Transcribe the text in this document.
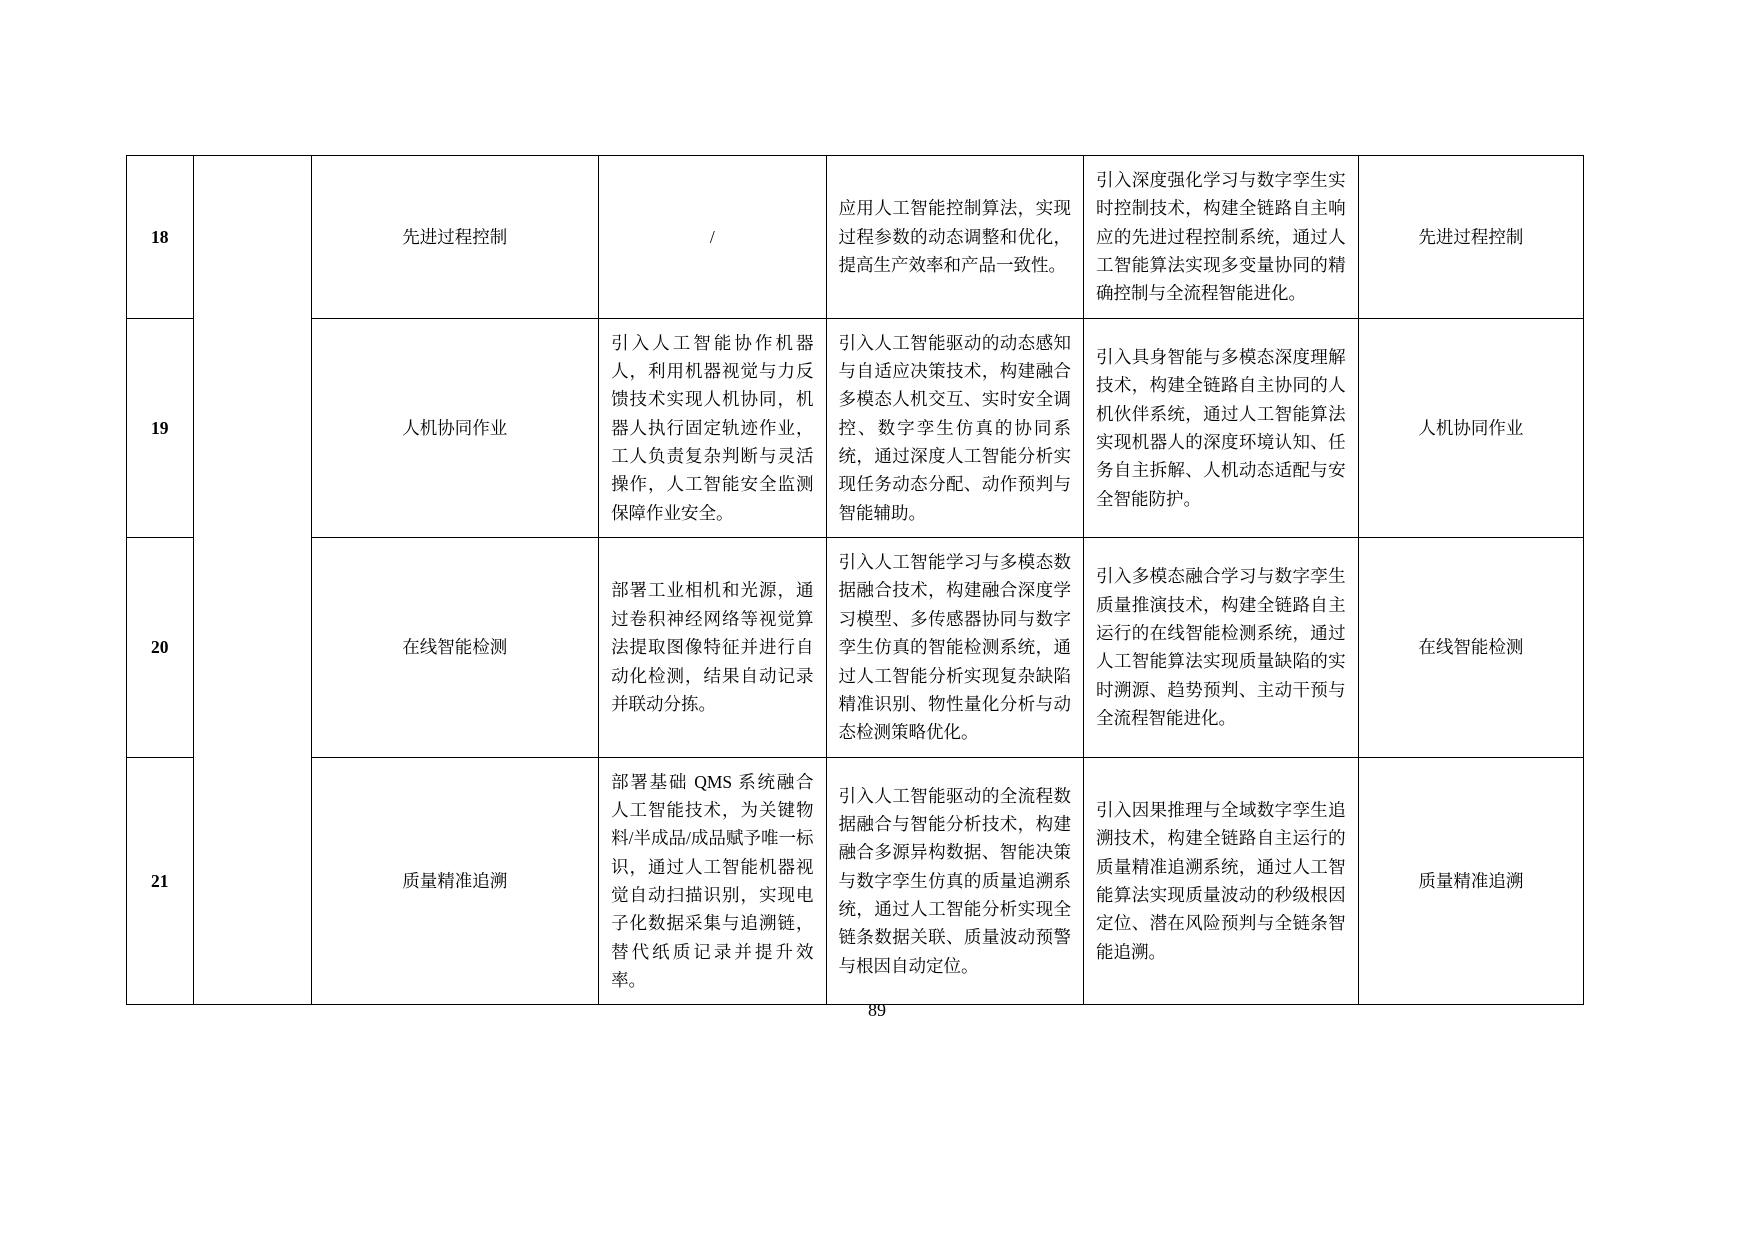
18		先进过程控制	/	应用人工智能控制算法，实现过程参数的动态调整和优化，提高生产效率和产品一致性。	引入深度强化学习与数字孪生实时控制技术，构建全链路自主响应的先进过程控制系统，通过人工智能算法实现多变量协同的精确控制与全流程智能进化。	先进过程控制
19		人机协同作业	引入人工智能协作机器人，利用机器视觉与力反馈技术实现人机协同，机器人执行固定轨迹作业，工人负责复杂判断与灵活操作，人工智能安全监测保障作业安全。	引入人工智能驱动的动态感知与自适应决策技术，构建融合多模态人机交互、实时安全调控、数字孪生仿真的协同系统，通过深度人工智能分析实现任务动态分配、动作预判与智能辅助。	引入具身智能与多模态深度理解技术，构建全链路自主协同的人机伙伴系统，通过人工智能算法实现机器人的深度环境认知、任务自主拆解、人机动态适配与安全智能防护。	人机协同作业
20		在线智能检测	部署工业相机和光源，通过卷积神经网络等视觉算法提取图像特征并进行自动化检测，结果自动记录并联动分拣。	引入人工智能学习与多模态数据融合技术，构建融合深度学习模型、多传感器协同与数字孪生仿真的智能检测系统，通过人工智能分析实现复杂缺陷精准识别、物性量化分析与动态检测策略优化。	引入多模态融合学习与数字孪生质量推演技术，构建全链路自主运行的在线智能检测系统，通过人工智能算法实现质量缺陷的实时溯源、趋势预判、主动干预与全流程智能进化。	在线智能检测
21		质量精准追溯	部署基础 QMS 系统融合人工智能技术，为关键物料/半成品/成品赋予唯一标识，通过人工智能机器视觉自动扫描识别，实现电子化数据采集与追溯链，替代纸质记录并提升效率。	引入人工智能驱动的全流程数据融合与智能分析技术，构建融合多源异构数据、智能决策与数字孪生仿真的质量追溯系统，通过人工智能分析实现全链条数据关联、质量波动预警与根因自动定位。	引入因果推理与全域数字孪生追溯技术，构建全链路自主运行的质量精准追溯系统，通过人工智能算法实现质量波动的秒级根因定位、潜在风险预判与全链条智能追溯。	质量精准追溯
89
